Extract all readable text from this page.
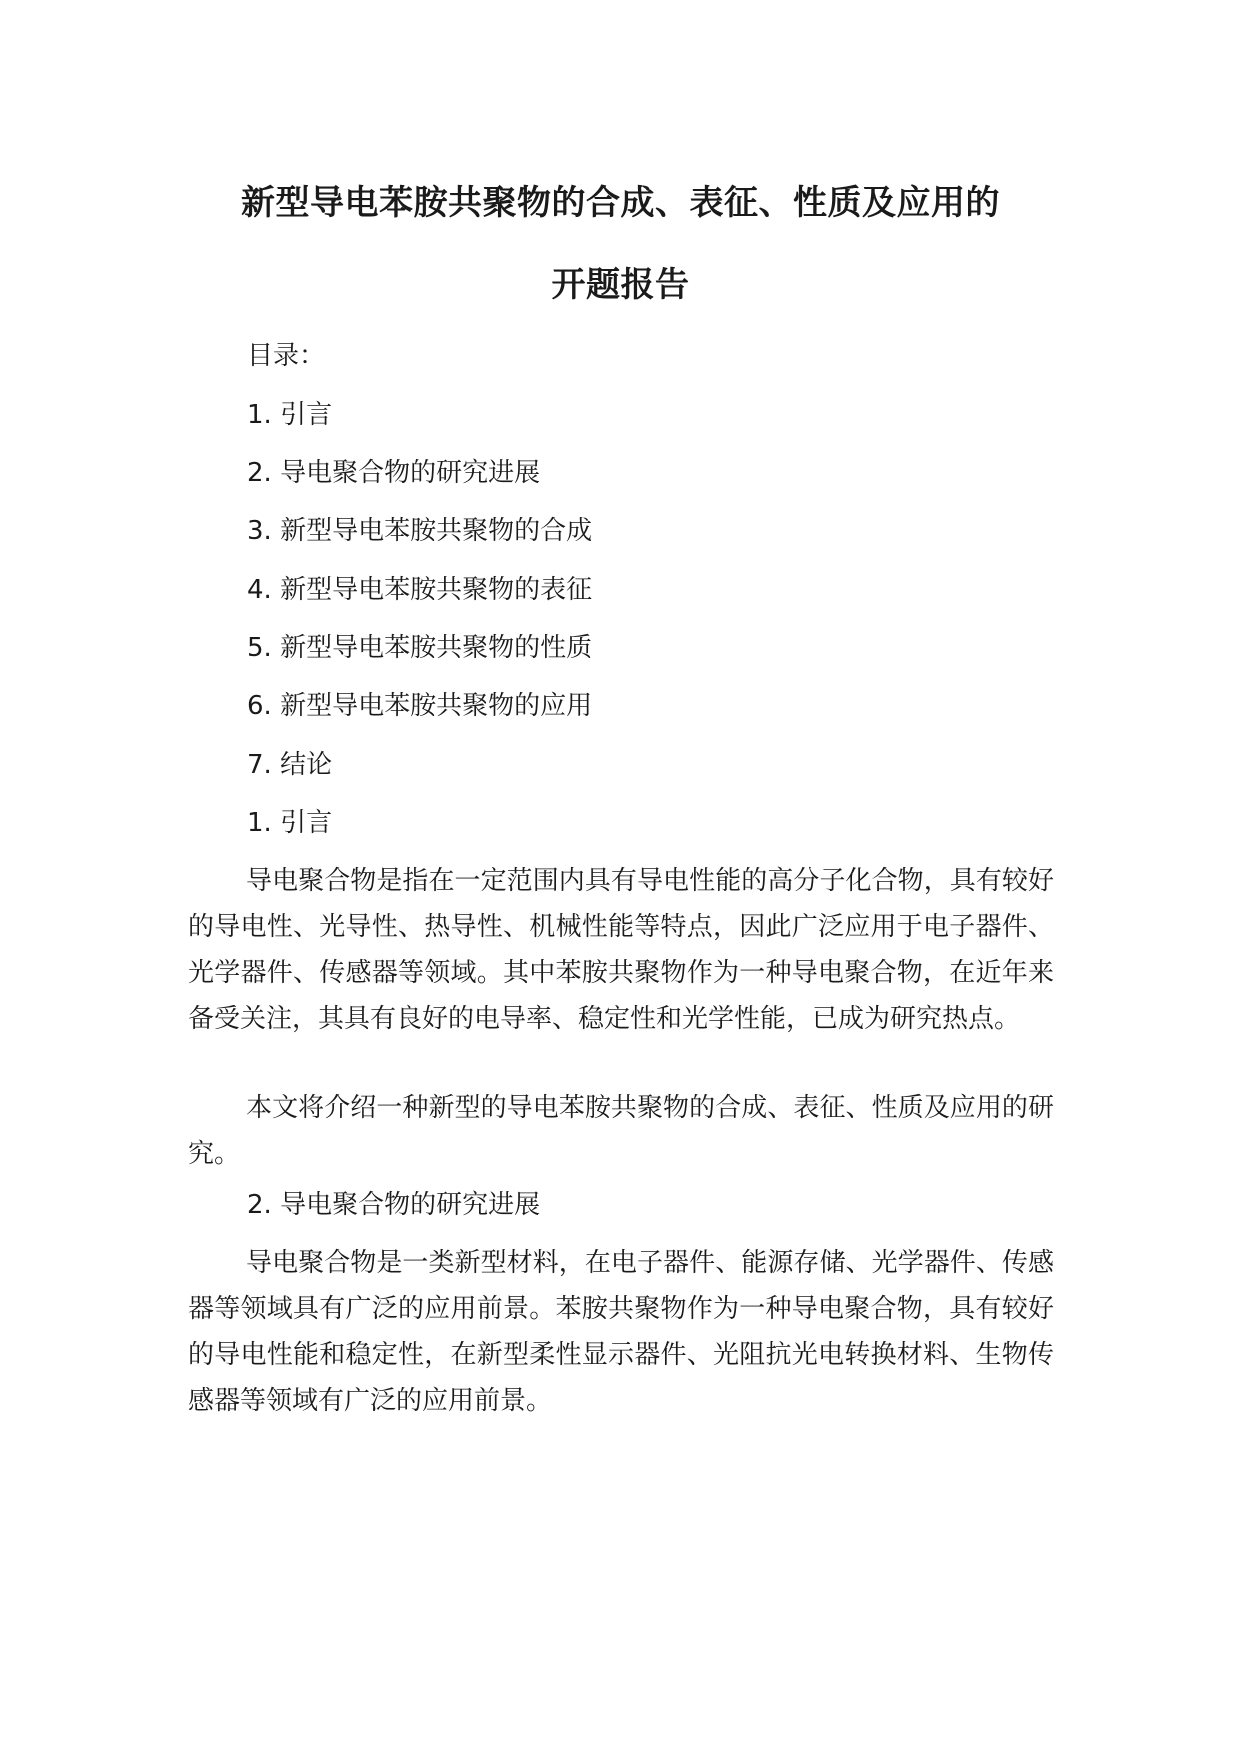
新型导电苯胺共聚物的合成、表征、性质及应用的
开题报告
目录：
1. 引言
2. 导电聚合物的研究进展
3. 新型导电苯胺共聚物的合成
4. 新型导电苯胺共聚物的表征
5. 新型导电苯胺共聚物的性质
6. 新型导电苯胺共聚物的应用
7. 结论
1. 引言

导电聚合物是指在一定范围内具有导电性能的高分子化合物，具有较好的导电性、光导性、热导性、机械性能等特点，因此广泛应用于电子器件、光学器件、传感器等领域。其中苯胺共聚物作为一种导电聚合物，在近年来备受关注，其具有良好的电导率、稳定性和光学性能，已成为研究热点。

本文将介绍一种新型的导电苯胺共聚物的合成、表征、性质及应用的研究。

2. 导电聚合物的研究进展

导电聚合物是一类新型材料，在电子器件、能源存储、光学器件、传感器等领域具有广泛的应用前景。苯胺共聚物作为一种导电聚合物，具有较好的导电性能和稳定性，在新型柔性显示器件、光阻抗光电转换材料、生物传感器等领域有广泛的应用前景。
